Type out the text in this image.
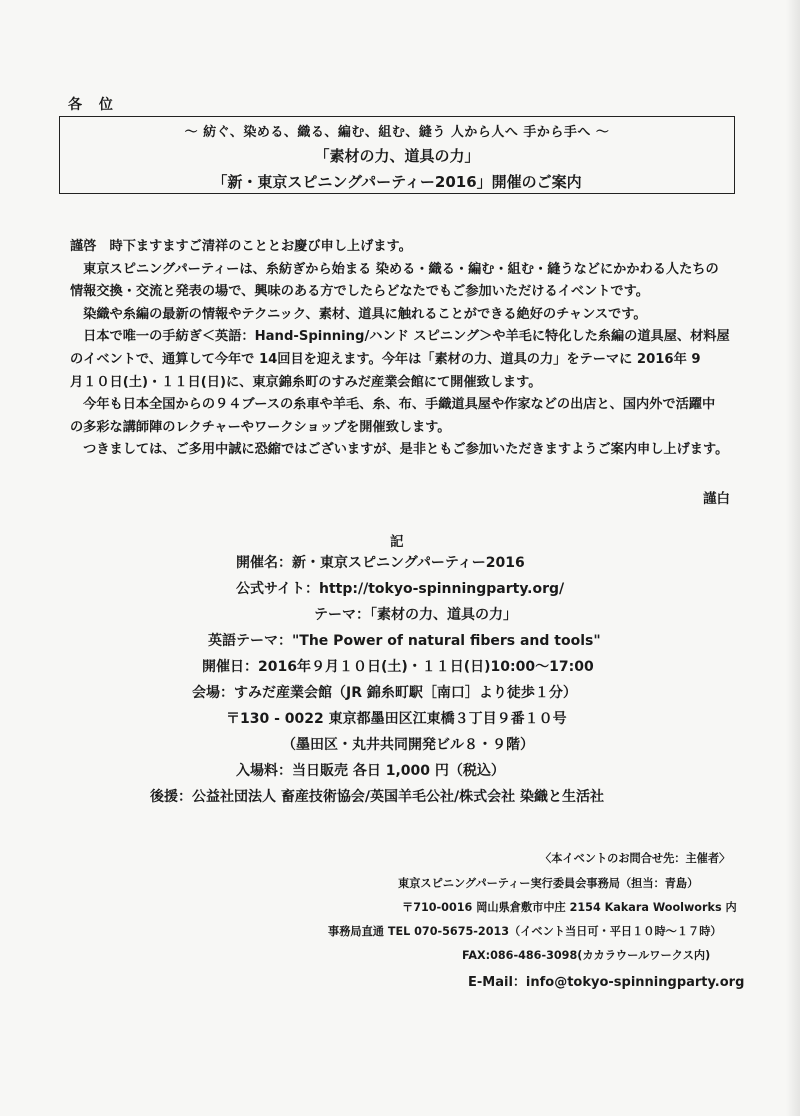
各 位
～ 紡ぐ、染める、織る、編む、組む、縫う 人から人へ 手から手へ ～
「素材の力、道具の力」
「新・東京スピニングパーティー2016」開催のご案内

謹啓　時下ますますご清祥のこととお慶び申し上げます。

　東京スピニングパーティーは、糸紡ぎから始まる 染める・織る・編む・組む・縫うなどにかかわる人たちの

情報交換・交流と発表の場で、興味のある方でしたらどなたでもご参加いただけるイベントです。

　染織や糸編の最新の情報やテクニック、素材、道具に触れることができる絶好のチャンスです。

　日本で唯一の手紡ぎ＜英語：Hand-Spinning/ハンド スピニング＞や羊毛に特化した糸編の道具屋、材料屋

のイベントで、通算して今年で 14回目を迎えます。今年は「素材の力、道具の力」をテーマに 2016年 9

月１０日(土)・１１日(日)に、東京錦糸町のすみだ産業会館にて開催致します。

　今年も日本全国からの９４ブースの糸車や羊毛、糸、布、手織道具屋や作家などの出店と、国内外で活躍中

の多彩な講師陣のレクチャーやワークショップを開催致します。

　つきましては、ご多用中誠に恐縮ではございますが、是非ともご参加いただきますようご案内申し上げます。

謹白
記
開催名：新・東京スピニングパーティー2016
公式サイト：http://tokyo-spinningparty.org/
テーマ：「素材の力、道具の力」
英語テーマ："The Power of natural fibers and tools"
開催日：2016年９月１０日(土)・１１日(日)10:00～17:00
会場：すみだ産業会館（JR 錦糸町駅［南口］より徒歩１分）
〒130 - 0022 東京都墨田区江東橋３丁目９番１０号
（墨田区・丸井共同開発ビル８・９階）
入場料：当日販売 各日 1,000 円（税込）
後援：公益社団法人 畜産技術協会/英国羊毛公社/株式会社 染織と生活社
〈本イベントのお問合せ先：主催者〉
東京スピニングパーティー実行委員会事務局（担当：青島）
〒710-0016 岡山県倉敷市中庄 2154 Kakara Woolworks 内
事務局直通 TEL 070-5675-2013（イベント当日可・平日１０時～１７時）
FAX:086-486-3098(カカラウールワークス内)
E-Mail：info@tokyo-spinningparty.org
